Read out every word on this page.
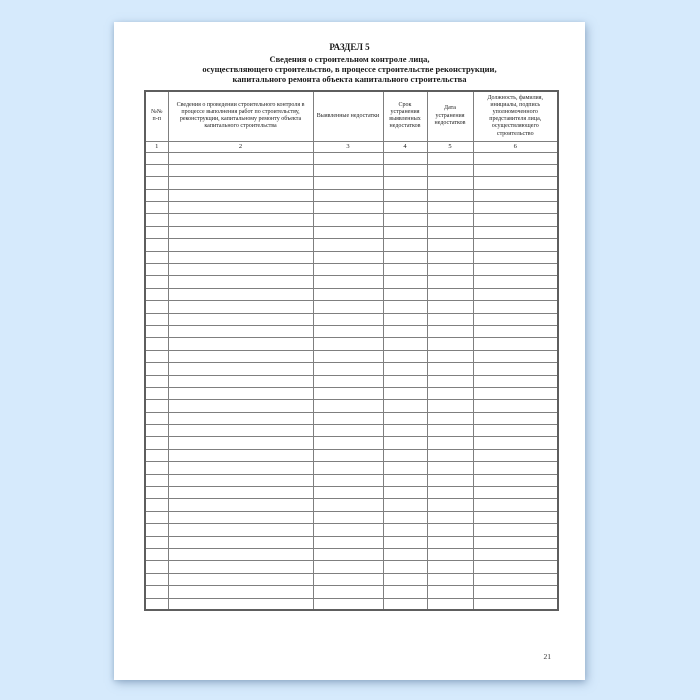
РАЗДЕЛ 5
Сведения о строительном контроле лица,
осуществляющего строительство, в процессе строительстве реконструкции,
капитального ремонта объекта капитального строительства
№№ п-п	Сведения о проведении строительного контроля в процессе выполнения работ по строительству, реконструкции, капитальному ремонту объекта капитального строительства	Выявленные недостатки	Срок устранения выявленных недостатков	Дата устранения недостатков	Должность, фамилия, инициалы, подпись уполномоченного представителя лица, осуществляющего строительство
1	2	3	4	5	6

21
